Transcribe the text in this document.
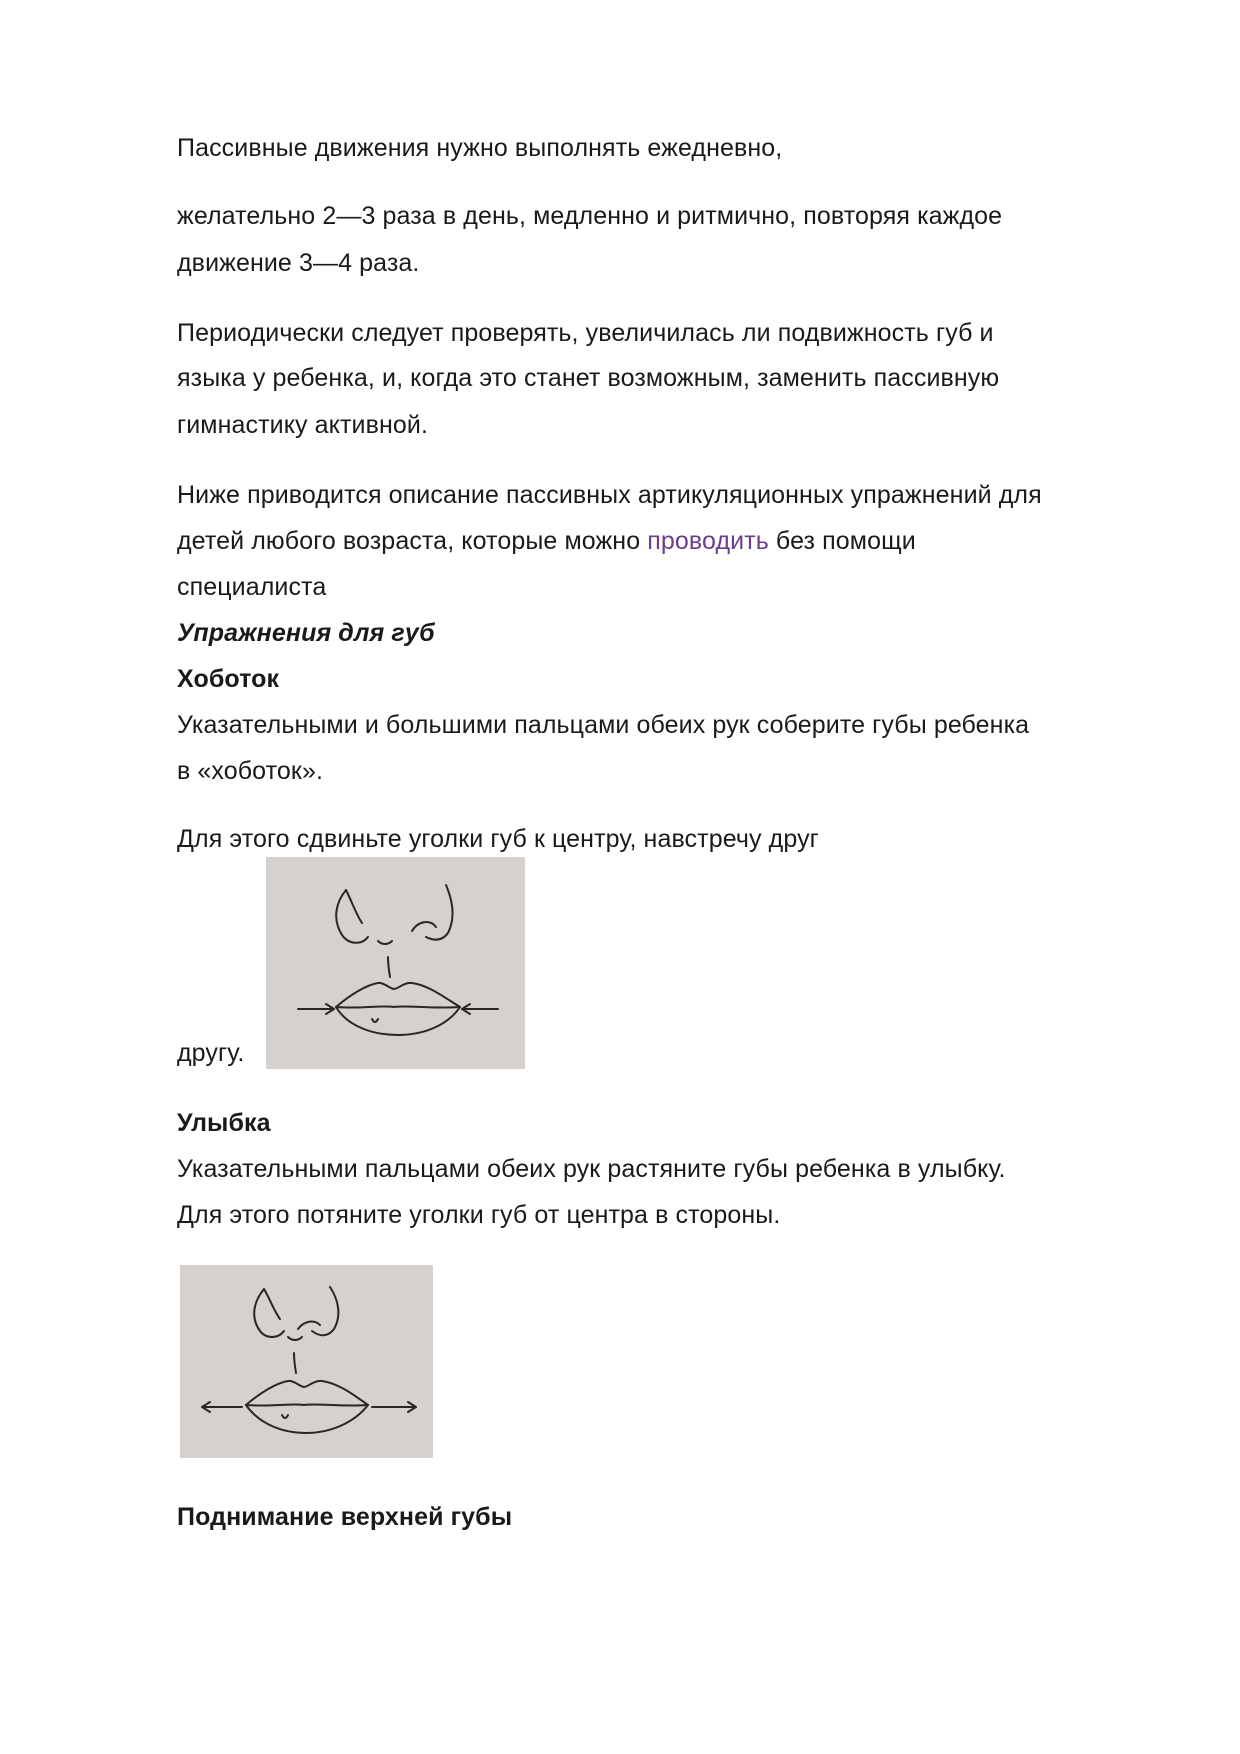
Пассивные движения нужно выполнять ежедневно,
желательно 2—3 раза в день, медленно и ритмично, повторяя каждое
движение 3—4 раза.
Периодически следует проверять, увеличилась ли подвижность губ и
языка у ребенка, и, когда это станет возможным, заменить пассивную
гимнастику активной.
Ниже приводится описание пассивных артикуляционных упражнений для
детей любого возраста, которые можно проводить без помощи
специалиста
Упражнения для губ
Хоботок
Указательными и большими пальцами обеих рук соберите губы ребенка
в «хоботок».
Для этого сдвиньте уголки губ к центру, навстречу друг
другу.
Улыбка
Указательными пальцами обеих рук растяните губы ребенка в улыбку.
Для этого потяните уголки губ от центра в стороны.
Поднимание верхней губы
